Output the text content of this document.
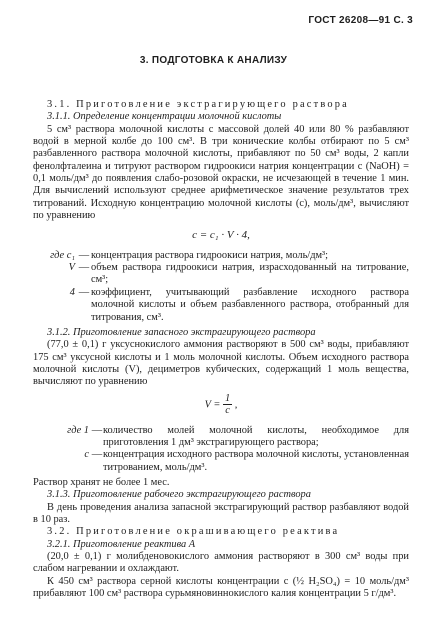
ГОСТ 26208—91 С. 3
3. ПОДГОТОВКА К АНАЛИЗУ

3.1. Приготовление экстрагирующего раствора

3.1.1. Определение концентрации молочной кислоты

5 см³ раствора молочной кислоты с массовой долей 40 или 80 % разбавляют водой в мерной колбе до 100 см³. В три конические колбы отбирают по 5 см³ разбавленного раствора молочной кислоты, прибавляют по 50 см³ воды, 2 капли фенолфталеина и титруют раствором гидроокиси натрия концентрации с (NaOH) = 0,1 моль/дм³ до появления слабо-розовой окраски, не исчезающей в течение 1 мин. Для вычислений используют среднее арифметическое значение результатов трех титрований. Исходную концентрацию молочной кислоты (c), моль/дм³, вычисляют по уравнению

c = c₁ · V · 4,
где c₁ — концентрация раствора гидроокиси натрия, моль/дм³;
V — объем раствора гидроокиси натрия, израсходованный на титрование, см³;
4 — коэффициент, учитывающий разбавление исходного раствора молочной кислоты и объем разбавленного раствора, отобранный для титрования, см³.

3.1.2. Приготовление запасного экстрагирующего раствора

(77,0 ± 0,1) г уксуснокислого аммония растворяют в 500 см³ воды, прибавляют 175 см³ уксусной кислоты и 1 моль молочной кислоты. Объем исходного раствора молочной кислоты (V), дециметров кубических, содержащий 1 моль вещества, вычисляют по уравнению

$V = \frac{1}{c}$ ,
где 1 — количество молей молочной кислоты, необходимое для приготовления 1 дм³ экстрагирующего раствора;
c — концентрация исходного раствора молочной кислоты, установленная титрованием, моль/дм³.

Раствор хранят не более 1 мес.

3.1.3. Приготовление рабочего экстрагирующего раствора

В день проведения анализа запасной экстрагирующий раствор разбавляют водой в 10 раз.

3.2. Приготовление окрашивающего реактива

3.2.1. Приготовление реактива А

(20,0 ± 0,1) г молибденовокислого аммония растворяют в 300 см³ воды при слабом нагревании и охлаждают.

К 450 см³ раствора серной кислоты концентрации с (½ H₂SO₄) = 10 моль/дм³ прибавляют 100 см³ раствора сурьмяновиннокислого калия концентрации 5 г/дм³.
